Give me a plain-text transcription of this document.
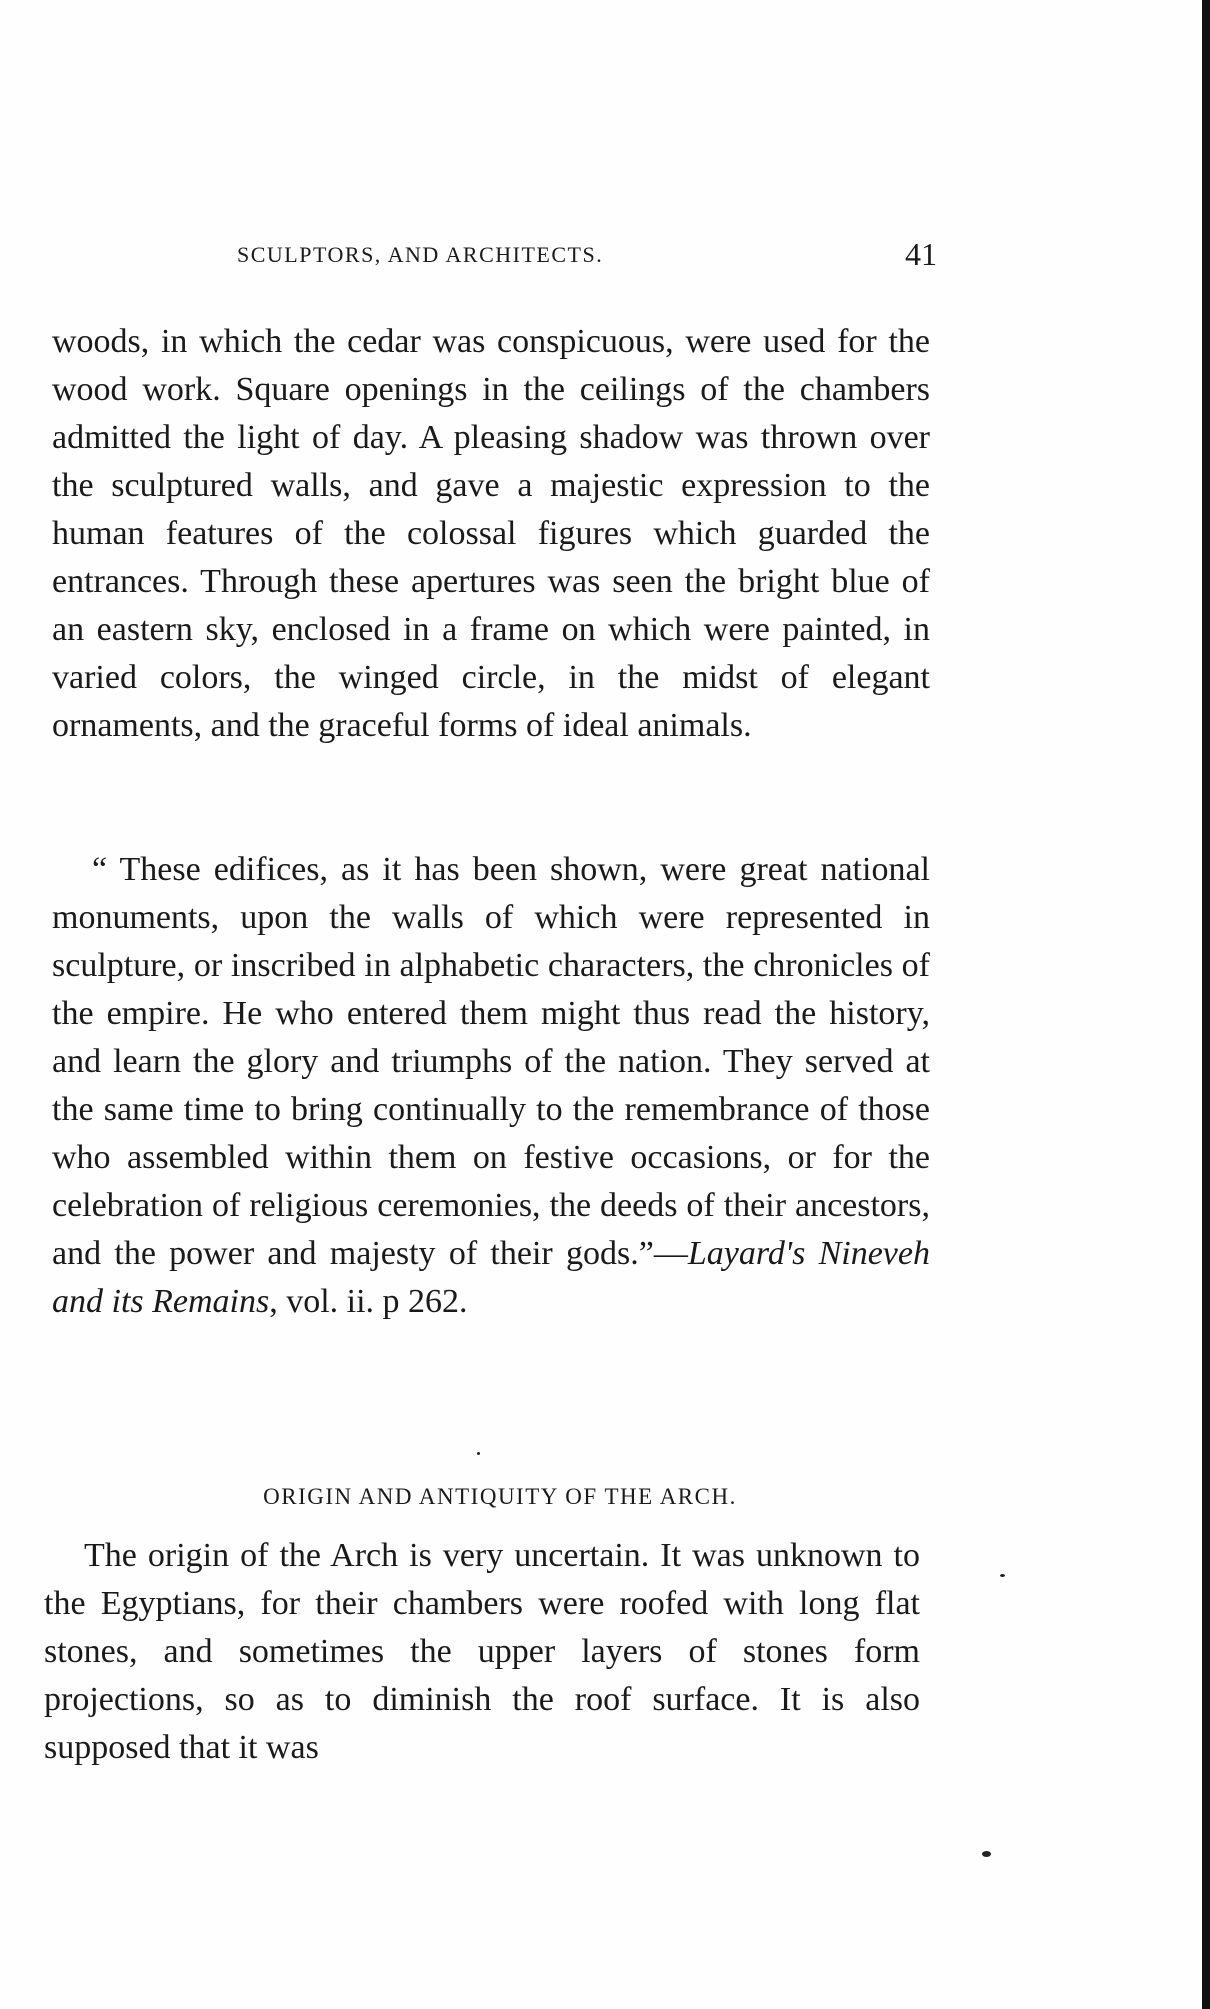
SCULPTORS, AND ARCHITECTS.	41

woods, in which the cedar was conspicuous, were used for the wood work. Square openings in the ceilings of the chambers admitted the light of day. A pleasing shadow was thrown over the sculptured walls, and gave a majestic expression to the human features of the colossal figures which guarded the entrances. Through these apertures was seen the bright blue of an eastern sky, enclosed in a frame on which were painted, in varied colors, the winged circle, in the midst of elegant ornaments, and the graceful forms of ideal animals.

“ These edifices, as it has been shown, were great national monuments, upon the walls of which were represented in sculpture, or inscribed in alphabetic characters, the chronicles of the empire. He who entered them might thus read the history, and learn the glory and triumphs of the nation. They served at the same time to bring continually to the remembrance of those who assembled within them on festive occasions, or for the celebration of religious ceremonies, the deeds of their ancestors, and the power and majesty of their gods.”—Layard's Nineveh and its Remains, vol. ii. p 262.

ORIGIN AND ANTIQUITY OF THE ARCH.

The origin of the Arch is very uncertain. It was unknown to the Egyptians, for their chambers were roofed with long flat stones, and sometimes the upper layers of stones form projections, so as to diminish the roof surface. It is also supposed that it was
